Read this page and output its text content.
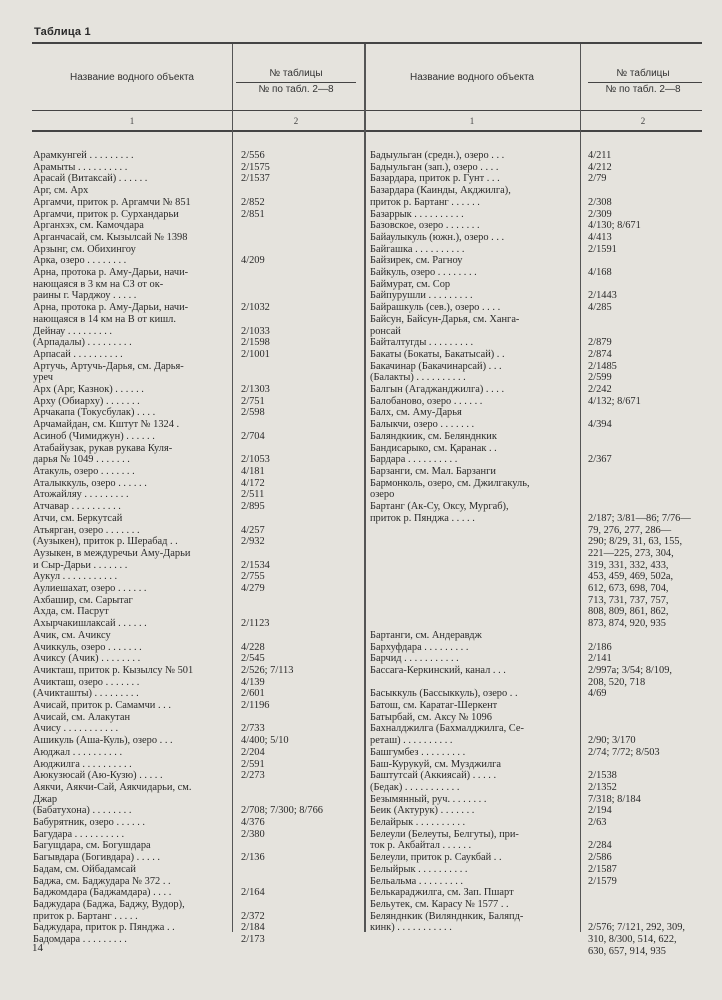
Таблица 1
Название водного объекта	№ таблицы
№ по табл. 2—8
Название водного объекта	№ таблицы
№ по табл. 2—8
1	2	1	2
Арамкунгей . . . . . . . . .	2/556
Арамыты . . . . . . . . . .	2/1575
Арасай (Витаксай) . . . . . .	2/1537
Арг, см. Арх
Аргамчи, приток р. Аргамчи № 851	2/852
Аргамчи, приток р. Сурхандарьи	2/851
Арганхэх, см. Камочдара
Арганчасай, см. Кызылсай № 1398
Арзынг, см. Обихингоу
Арка, озеро . . . . . . . .	4/209
Арна, протока р. Аму-Дарьи, начи-
нающаяся в 3 км на СЗ от ок-
раины г. Чарджоу . . . . .
Арна, протока р. Аму-Дарьи, начи-	2/1032
нающаяся в 14 км на В от кишл.
Дейнау . . . . . . . . .	2/1033
(Арпадалы) . . . . . . . . .	2/1598
Арпасай . . . . . . . . . .	2/1001
Артучь, Артучь-Дарья, см. Дарья-
уреч
Арх (Арг, Казнок) . . . . . .	2/1303
Арху (Обиарху) . . . . . . .	2/751
Арчакапа (Токусбулак) . . . .	2/598
Арчамайдан, см. Кштут № 1324 .
Асиноб (Чимиджун) . . . . . .	2/704
Атабайузак, рукав рукава Куля-
дарья № 1049 . . . . . . .	2/1053
Атакуль, озеро . . . . . . .	4/181
Аталыккуль, озеро . . . . . .	4/172
Атожайляу . . . . . . . . .	2/511
Атчавар . . . . . . . . . .	2/895
Атчи, см. Беркутсай
Атьярган, озеро . . . . . . .	4/257
(Аузыкен), приток р. Шерабад . .	2/932
Аузыкен, в междуречьи Аму-Дарьи
и Сыр-Дарьи . . . . . . .	2/1534
Аукул . . . . . . . . . . .	2/755
Аулиешахат, озеро . . . . . .	4/279
Ахбашир, см. Сарытаг
Ахда, см. Пасрут
Ахырчакишлаксай . . . . . .	2/1123
Ачик, см. Ачиксу
Ачиккуль, озеро . . . . . . .	4/228
Ачиксу (Ачик) . . . . . . . .	2/545
Ачикташ, приток р. Кызылсу № 501	2/526; 7/113
Ачикташ, озеро . . . . . . .	4/139
(Ачикташты) . . . . . . . . .	2/601
Ачисай, приток р. Самамчи . . .	2/1196
Ачисай, см. Алакутан
Ачису . . . . . . . . . . .	2/733
Ашикуль (Аша-Куль), озеро . . .	4/400; 5/10
Аюджал . . . . . . . . . .	2/204
Аюджилга . . . . . . . . . .	2/591
Аюкузюсай (Аю-Кузю) . . . . .	2/273
Аякчи, Аякчи-Сай, Аякчидарьи, см.
Джар
(Бабатухона) . . . . . . . .	2/708; 7/300; 8/766
Бабурятник, озеро . . . . . .	4/376
Багудара . . . . . . . . . .	2/380
Багущдара, см. Богушдара
Багывдара (Богивдара) . . . . .	2/136
Бадам, см. Ойбадамсай
Баджа, см. Баджудара № 372 . .
Баджомдара (Баджамдара) . . . .	2/164
Баджудара (Баджа, Баджу, Вудор),
приток р. Бартанг . . . . .	2/372
Баджудара, приток р. Пянджа . .	2/184
Бадомдара . . . . . . . . .	2/173
Бадыульган (средн.), озеро . . .	4/211
Бадыульган (зап.), озеро . . . .	4/212
Базардара, приток р. Гунт . . .	2/79
Базардара (Каинды, Акджилга),
приток р. Бартанг . . . . . .	2/308
Базаррык . . . . . . . . . .	2/309
Базовское, озеро . . . . . . .	4/130; 8/671
Байаулыкуль (южн.), озеро . . .	4/413
Байгашка . . . . . . . . . .	2/1591
Байзирек, см. Рагноу
Байкуль, озеро . . . . . . . .	4/168
Баймурат, см. Сор
Байпурушли . . . . . . . . .	2/1443
Байрашкуль (сев.), озеро . . . .	4/285
Байсун, Байсун-Дарья, см. Ханга-
ронсай
Байталтугды . . . . . . . . .	2/879
Бакаты (Бокаты, Бакатысай) . .	2/874
Бакачинар (Бакачинарсай) . . .	2/1485
(Балакты) . . . . . . . . . .	2/599
Балгын (Агаджанджилга) . . . .	2/242
Балобаново, озеро . . . . . .	4/132; 8/671
Балх, см. Аму-Дарья
Балыкчи, озеро . . . . . . .	4/394
Баляндкиик, см. Белянднкик
Бандисарыко, см. Қаранак . .
Бардара . . . . . . . . . .	2/367
Барзанги, см. Мал. Барзанги
Бармонколь, озеро, см. Джилгакуль,
озеро
Бартанг (Ак-Су, Оксу, Мургаб),
приток р. Пянджа . . . . .	2/187; 3/81—86; 7/76—

79, 276, 277, 286—

290; 8/29, 31, 63, 155,

221—225, 273, 304,

319, 331, 332, 433,

453, 459, 469, 502a,

612, 673, 698, 704,

713, 731, 737, 757,

808, 809, 861, 862,

873, 874, 920, 935
Бартанги, см. Андеравдж
Бархуфдара . . . . . . . . .	2/186
Барчид . . . . . . . . . . .	2/141
Бассага-Керкинский, канал . . .	2/997а; 3/54; 8/109,

208, 520, 718
Басыккуль (Бассыккуль), озеро . .	4/69
Батош, см. Каратаг-Шеркент
Батырбай, см. Аксу № 1096
Бахналджилга (Бахмалджилга, Се-
реташ) . . . . . . . . . .	2/90; 3/170
Башгумбез . . . . . . . . .	2/74; 7/72; 8/503
Баш-Курукуй, см. Музджилга
Баштутсай (Аккиясай) . . . . .	2/1538
(Бедак) . . . . . . . . . . .	2/1352
Безымянный, руч. . . . . . . .	7/318; 8/184
Беик (Актурук) . . . . . . .	2/194
Белайрык . . . . . . . . . .	2/63
Белеули (Белеуты, Белгуты), при-
ток р. Акбайтал . . . . . .	2/284
Белеули, приток р. Саукбай . .	2/586
Белыйрык . . . . . . . . . .	2/1587
Бельальма . . . . . . . . .	2/1579
Белькараджилга, см. Зап. Пшарт
Бельутек, см. Карасу № 1577 . .
Белянднкик (Вилянднкик, Баляпд-
кинк) . . . . . . . . . . .	2/576; 7/121, 292, 309,

310, 8/300, 514, 622,

630, 657, 914, 935
14
